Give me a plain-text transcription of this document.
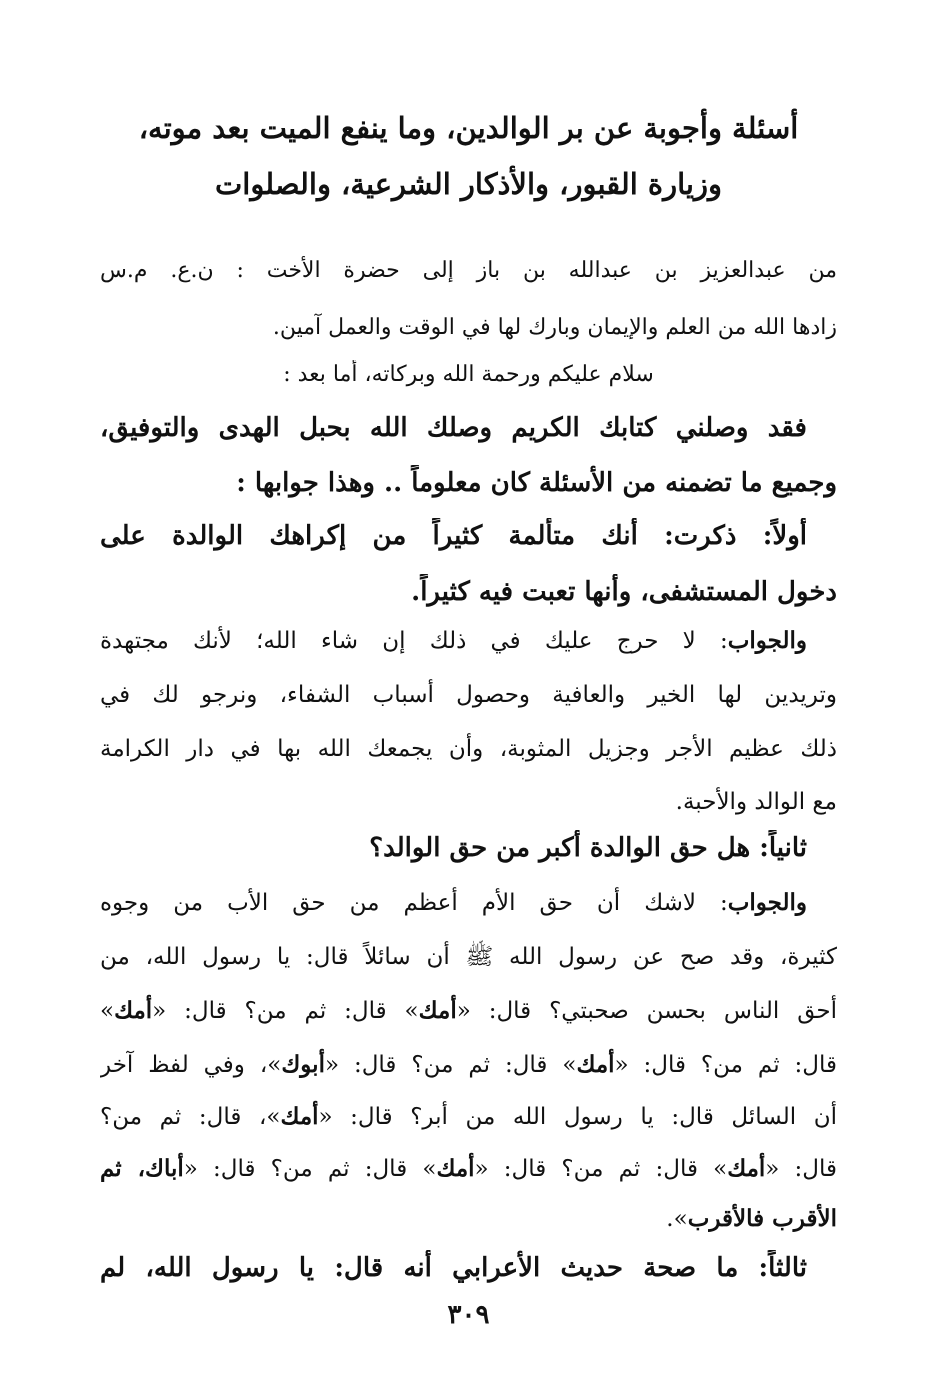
أسئلة وأجوبة عن بر الوالدين، وما ينفع الميت بعد موته،
وزيارة القبور، والأذكار الشرعية، والصلوات
من عبدالعزيز بن عبدالله بن باز إلى حضرة الأخت : ن.ع. م.س
زادها الله من العلم والإيمان وبارك لها في الوقت والعمل آمين.
سلام عليكم ورحمة الله وبركاته، أما بعد :
فقد وصلني كتابك الكريم وصلك الله بحبل الهدى والتوفيق،
وجميع ما تضمنه من الأسئلة كان معلوماً .. وهذا جوابها :
أولاً: ذكرت: أنك متألمة كثيراً من إكراهك الوالدة على
دخول المستشفى، وأنها تعبت فيه كثيراً.
والجواب: لا حرج عليك في ذلك إن شاء الله؛ لأنك مجتهدة
وتريدين لها الخير والعافية وحصول أسباب الشفاء، ونرجو لك في
ذلك عظيم الأجر وجزيل المثوبة، وأن يجمعك الله بها في دار الكرامة
مع الوالد والأحبة.
ثانياً: هل حق الوالدة أكبر من حق الوالد؟
والجواب: لاشك أن حق الأم أعظم من حق الأب من وجوه
كثيرة، وقد صح عن رسول الله ﷺ أن سائلاً قال: يا رسول الله، من
أحق الناس بحسن صحبتي؟ قال: «أمك» قال: ثم من؟ قال: «أمك»
قال: ثم من؟ قال: «أمك» قال: ثم من؟ قال: «أبوك»، وفي لفظ آخر
أن السائل قال: يا رسول الله من أبر؟ قال: «أمك»، قال: ثم من؟
قال: «أمك» قال: ثم من؟ قال: «أمك» قال: ثم من؟ قال: «أباك، ثم
الأقرب فالأقرب».
ثالثاً: ما صحة حديث الأعرابي أنه قال: يا رسول الله، لم
٣٠٩
